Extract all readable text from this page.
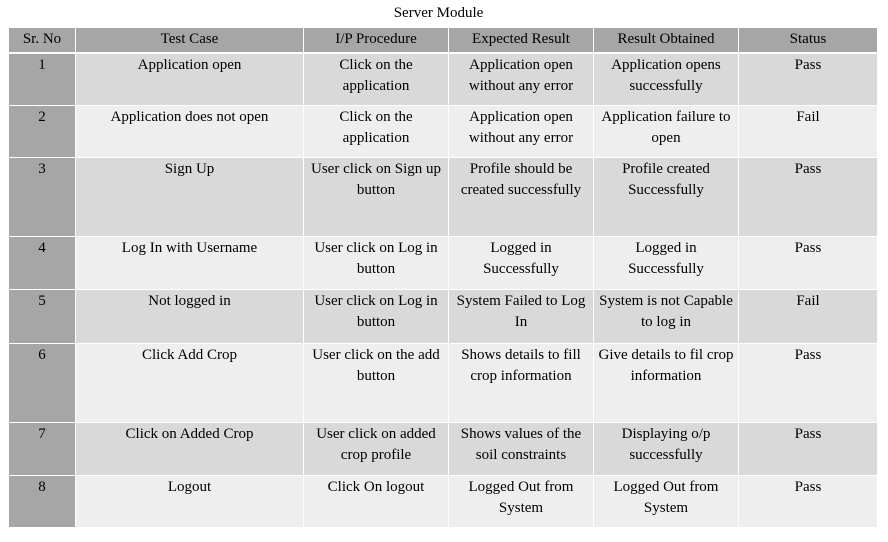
Server Module
Sr. No	Test Case	I/P Procedure	Expected Result	Result Obtained	Status
1	Application open	Click on the application	Application open without any error	Application opens successfully	Pass
2	Application does not open	Click on the application	Application open without any error	Application failure to open	Fail
3	Sign Up	User click on Sign up button	Profile should be created successfully	Profile created Successfully	Pass
4	Log In with Username	User click on Log in button	Logged in Successfully	Logged in Successfully	Pass
5	Not logged in	User click on Log in button	System Failed to Log In	System is not Capable to log in	Fail
6	Click Add Crop	User click on the add button	Shows details to fill crop information	Give details to fil crop information	Pass
7	Click on Added Crop	User click on added crop profile	Shows values of the soil constraints	Displaying o/p successfully	Pass
8	Logout	Click On logout	Logged Out from System	Logged Out from System	Pass
